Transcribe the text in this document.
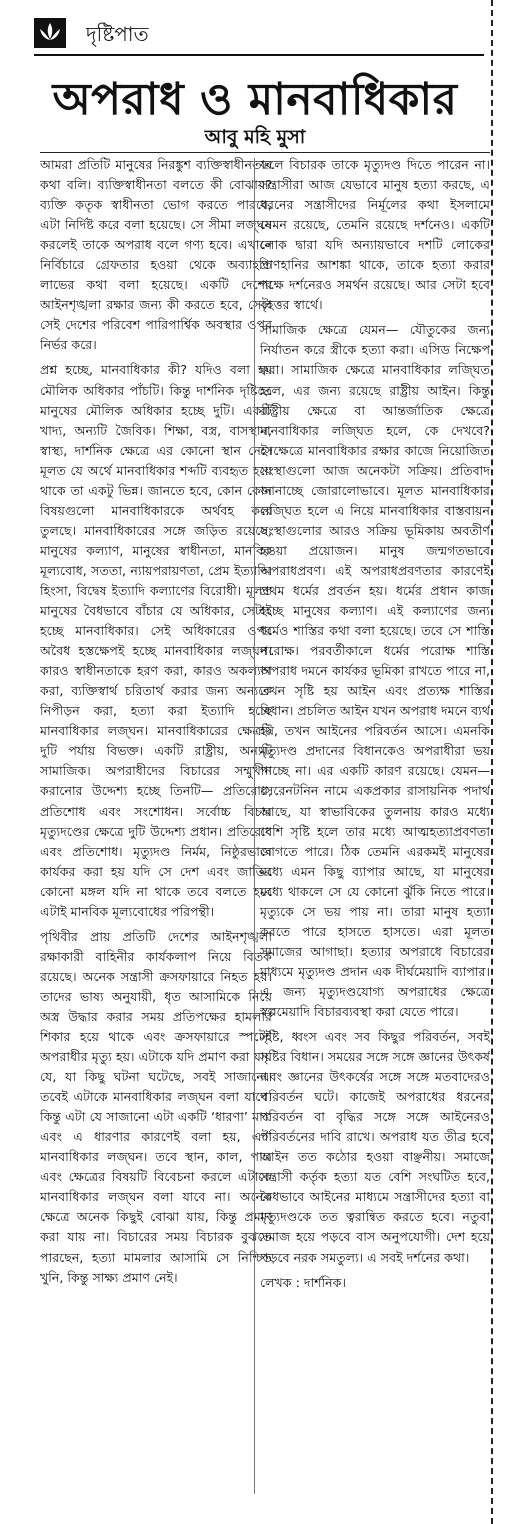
দৃষ্টিপাত
অপরাধ ও মানবাধিকার
আবু মহি মুসা

আমরা প্রতিটি মানুষের নিরঙ্কুশ ব্যক্তিস্বাধীনতার কথা বলি। ব্যক্তিস্বাধীনতা বলতে কী বোঝায়? ব্যক্তি কতৃক স্বাধীনতা ভোগ করতে পারবে, এটা নির্দিষ্ট করে বলা হয়েছে। সে সীমা লজ্ঘন করলেই তাকে অপরাধ বলে গণ্য হবে। এখানে নির্বিচারে গ্রেফতার হওয়া থেকে অব্যাহতি লাভের কথা বলা হয়েছে। একটি দেশের আইনশৃঙ্খলা রক্ষার জন্য কী করতে হবে, সেটা সেই দেশের পরিবেশ পারিপার্শ্বিক অবস্থার ওপর নির্ভর করে।

প্রশ্ন হচ্ছে, মানবাধিকার কী? যদিও বলা হয় মৌলিক অধিকার পাঁচটি। কিন্তু দার্শনিক দৃষ্টিতে মানুষের মৌলিক অধিকার হচ্ছে দুটি। একটি খাদ্য, অন্যটি জৈবিক। শিক্ষা, বস্ত্র, বাসস্থান, স্বাস্থ্য, দার্শনিক ক্ষেত্রে এর কোনো স্থান নেই। মূলত যে অর্থে মানবাধিকার শব্দটি ব্যবহৃত হয়ে থাকে তা একটু ভিন্ন। জানতে হবে, কোন কোন বিষয়গুলো মানবাধিকারকে অর্থবহ করে তুলছে। মানবাধিকারের সঙ্গে জড়িত রয়েছে, মানুষের কল্যাণ, মানুষের স্বাধীনতা, মানবিক মূল্যবোধ, সততা, ন্যায়পরায়ণতা, প্রেম ইত্যাদি। হিংসা, বিদ্বেষ ইত্যাদি কল্যাণের বিরোধী। মূলত মানুষের বৈধভাবে বাঁচার যে অধিকার, সেটাই হচ্ছে মানবাধিকার। সেই অধিকারের ওপর অবৈধ হস্তক্ষেপই হচ্ছে মানবাধিকার লজ্ঘন। কারও স্বাধীনতাকে হরণ করা, কারও অকল্যাণ করা, ব্যক্তিস্বার্থ চরিতার্থ করার জন্য অন্যকে নিপীড়ন করা, হত্যা করা ইত্যাদি হচ্ছে মানবাধিকার লজ্ঘন। মানবাধিকারের ক্ষেত্রটি দুটি পর্যায় বিভক্ত। একটি রাষ্ট্রীয়, অন্যটি সামাজিক। অপরাধীদের বিচারের সম্মুখীন করানোর উদ্দেশ্য হচ্ছে তিনটি— প্রতিরোধ, প্রতিশোধ এবং সংশোধন। সর্বোচ্চ বিচার মৃত্যুদণ্ডের ক্ষেত্রে দুটি উদ্দেশ্য প্রধান। প্রতিরোধ এবং প্রতিশোধ। মৃত্যুদণ্ড নির্মম, নিষ্ঠুরভাবে কার্যকর করা হয় যদি সে দেশ এবং জাতির কোনো মঙ্গল যদি না থাকে তবে বলতে হবে এটাই মানবিক মূল্যবোধের পরিপন্থী।

পৃথিবীর প্রায় প্রতিটি দেশের আইনশৃঙ্খলা রক্ষাকারী বাহিনীর কার্যকলাপ নিয়ে বিতর্ক রয়েছে। অনেক সন্ত্রাসী ক্রসফায়ারে নিহত হয়। তাদের ভাষ্য অনুযায়ী, ধৃত আসামিকে নিয়ে অস্ত্র উদ্ধার করার সময় প্রতিপক্ষের হামলার শিকার হয়ে থাকে এবং ক্রসফায়ারে স্পটেই অপরাধীর মৃত্যু হয়। এটাকে যদি প্রমাণ করা যায় যে, যা কিছু ঘটনা ঘটেছে, সবই সাজানো। তবেই এটাকে মানবাধিকার লজ্ঘন বলা যাবে। কিন্তু এটা যে সাজানো এটা একটি ‘ধারণা’ মাত্র এবং এ ধারণার কারণেই বলা হয়, এটা মানবাধিকার লজ্ঘন। তবে স্থান, কাল, পাত্র এবং ক্ষেত্রের বিষয়টি বিবেচনা করলে এটাকে মানবাধিকার লজ্ঘন বলা যাবে না। অনেক ক্ষেত্রে অনেক কিছুই বোঝা যায়, কিন্তু প্রমাণ করা যায় না। বিচারের সময় বিচারক বুঝতে পারছেন, হত্যা মামলার আসামি সে নিশ্চিত খুনি, কিন্তু সাক্ষ্য প্রমাণ নেই।

ফলে বিচারক তাকে মৃত্যুদণ্ড দিতে পারেন না। সন্ত্রাসীরা আজ যেভাবে মানুষ হত্যা করছে, এ ধরনের সন্ত্রাসীদের নির্মূলের কথা ইসলামে যেমন রয়েছে, তেমনি রয়েছে দর্শনেও। একটি লোক দ্বারা যদি অন্যায়ভাবে দশটি লোকের প্রাণহানির আশঙ্কা থাকে, তাকে হত্যা করার পক্ষে দর্শনেরও সমর্থন রয়েছে। আর সেটা হবে বৃহত্তর স্বার্থে।

সামাজিক ক্ষেত্রে যেমন— যৌতুকের জন্য নির্যাতন করে স্ত্রীকে হত্যা করা। এসিড নিক্ষেপ করা। সামাজিক ক্ষেত্রে মানবাধিকার লজ্ঘিত হলে, এর জন্য রয়েছে রাষ্ট্রীয় আইন। কিন্তু রাষ্ট্রীয় ক্ষেত্রে বা আন্তর্জাতিক ক্ষেত্রে মানবাধিকার লজ্ঘিত হলে, কে দেখবে? সেক্ষেত্রে মানবাধিকার রক্ষার কাজে নিয়োজিত সংস্থাগুলো আজ অনেকটা সক্রিয়। প্রতিবাদ জানাচ্ছে জোরালোভাবে। মূলত মানবাধিকার লজ্ঘিত হলে এ নিয়ে মানবাধিকার বাস্তবায়ন সংস্থাগুলোর আরও সক্রিয় ভূমিকায় অবতীর্ণ হওয়া প্রয়োজন। মানুষ জন্মগতভাবে অপরাধপ্রবণ। এই অপরাধপ্রবণতার কারণেই প্রথম ধর্মের প্রবর্তন হয়। ধর্মের প্রধান কাজ হচ্ছে মানুষের কল্যাণ। এই কল্যাণের জন্য ধর্মেও শাস্তির কথা বলা হয়েছে। তবে সে শাস্তি পরোক্ষ। পরবর্তীকালে ধর্মের পরোক্ষ শাস্তি অপরাধ দমনে কার্যকর ভূমিকা রাখতে পারে না, তখন সৃষ্টি হয় আইন এবং প্রত্যক্ষ শাস্তির বিধান। প্রচলিত আইন যখন অপরাধ দমনে ব্যর্থ হয়, তখন আইনের পরিবর্তন আসে। এমনকি মৃত্যুদণ্ড প্রদানের বিধানকেও অপরাধীরা ভয় পাচ্ছে না। এর একটি কারণ রয়েছে। যেমন— সেরেনটনিন নামে একপ্রকার রাসায়নিক পদার্থ আছে, যা স্বাভাবিকের তুলনায় কারও মধ্যে বেশি সৃষ্টি হলে তার মধ্যে আত্মহত্যাপ্রবণতা জাগতে পারে। ঠিক তেমনি এরকমই মানুষের মধ্যে এমন কিছু ব্যাপার আছে, যা মানুষের মধ্যে থাকলে সে যে কোনো ঝুঁকি নিতে পারে। মৃত্যুকে সে ভয় পায় না। তারা মানুষ হত্যা করতে পারে হাসতে হাসতে। এরা মূলত সমাজের আগাছা। হত্যার অপরাধে বিচারের মাধ্যমে মৃত্যুদণ্ড প্রদান এক দীর্ঘমেয়াদি ব্যাপার। এ জন্য মৃত্যুদণ্ডযোগ্য অপরাধের ক্ষেত্রে স্বল্পমেয়াদি বিচারব্যবস্থা করা যেতে পারে।

সৃষ্টি, ধ্বংস এবং সব কিছুর পরিবর্তন, সবই সৃষ্টির বিধান। সময়ের সঙ্গে সঙ্গে জ্ঞানের উৎকর্ষ এবং জ্ঞানের উৎকর্ষের সঙ্গে সঙ্গে মতবাদেরও পরিবর্তন ঘটে। কাজেই অপরাধের ধরনের পরিবর্তন বা বৃদ্ধির সঙ্গে সঙ্গে আইনেরও পরিবর্তনের দাবি রাখে। অপরাধ যত তীব্র হবে আইন তত কঠোর হওয়া বাঞ্ছনীয়। সমাজে সন্ত্রাসী কর্তৃক হত্যা যত বেশি সংঘটিত হবে, বৈধভাবে আইনের মাধ্যমে সন্ত্রাসীদের হত্যা বা মৃত্যুদণ্ডকে তত ত্বরান্বিত করতে হবে। নতুবা সমাজ হয়ে পড়বে বাস অনুপযোগী। দেশ হয়ে পড়বে নরক সমতুল্য। এ সবই দর্শনের কথা।

লেখক : দার্শনিক।
